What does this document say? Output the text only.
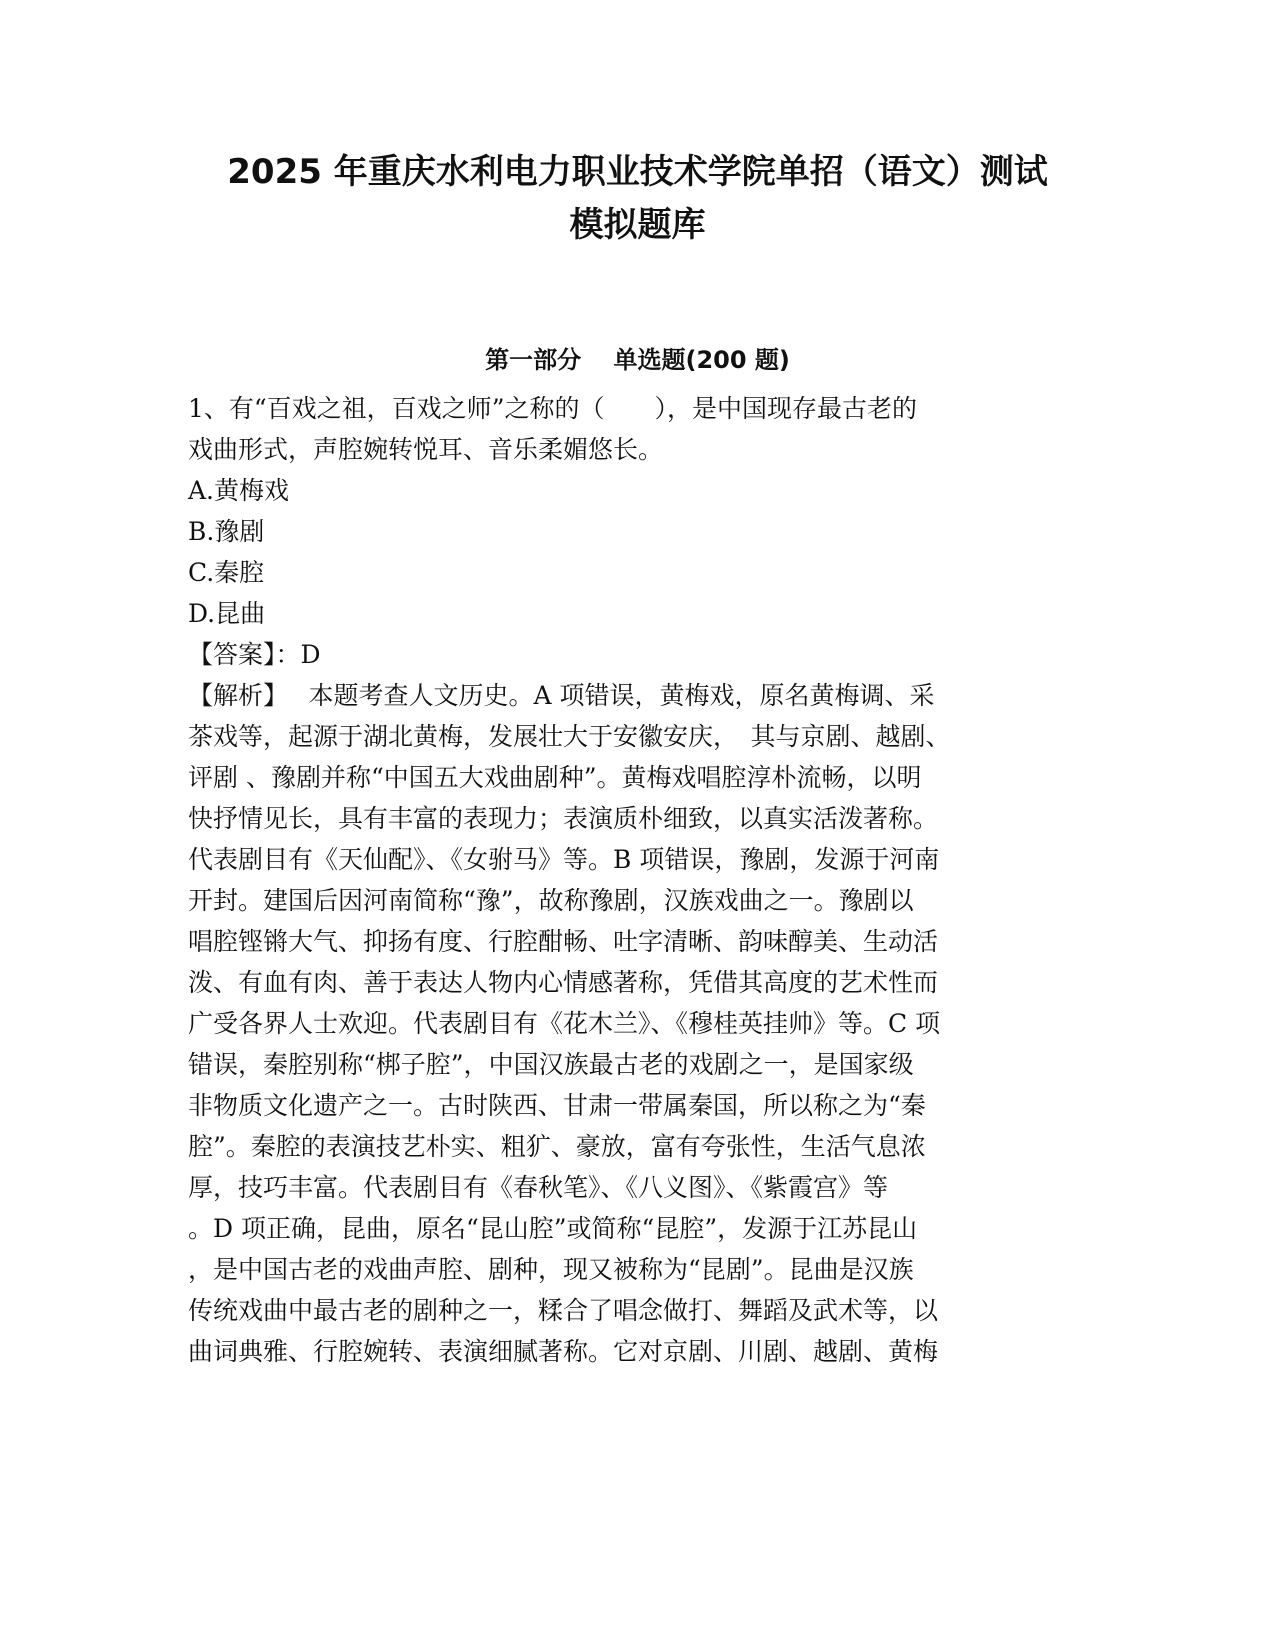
2025 年重庆水利电力职业技术学院单招（语文）测试
模拟题库
第一部分　 单选题(200 题)

1、有“百戏之祖，百戏之师”之称的（　　），是中国现存最古老的

戏曲形式，声腔婉转悦耳、音乐柔媚悠长。

A.黄梅戏

B.豫剧

C.秦腔

D.昆曲

【答案】：D

【解析】　 本题考查人文历史。A 项错误，黄梅戏，原名黄梅调、采

茶戏等，起源于湖北黄梅，发展壮大于安徽安庆，　其与京剧、越剧、

评剧 、豫剧并称“中国五大戏曲剧种”。黄梅戏唱腔淳朴流畅，以明

快抒情见长，具有丰富的表现力；表演质朴细致，以真实活泼著称。

代表剧目有《天仙配》、《女驸马》等。B 项错误，豫剧，发源于河南

开封。建国后因河南简称“豫”，故称豫剧，汉族戏曲之一。豫剧以

唱腔铿锵大气、抑扬有度、行腔酣畅、吐字清晰、韵味醇美、生动活

泼、有血有肉、善于表达人物内心情感著称，凭借其高度的艺术性而

广受各界人士欢迎。代表剧目有《花木兰》、《穆桂英挂帅》等。C 项

错误，秦腔别称“梆子腔”，中国汉族最古老的戏剧之一，是国家级

非物质文化遗产之一。古时陕西、甘肃一带属秦国，所以称之为“秦

腔”。秦腔的表演技艺朴实、粗犷、豪放，富有夸张性，生活气息浓

厚，技巧丰富。代表剧目有《春秋笔》、《八义图》、《紫霞宫》等

。D 项正确，昆曲，原名“昆山腔”或简称“昆腔”，发源于江苏昆山

，是中国古老的戏曲声腔、剧种，现又被称为“昆剧”。昆曲是汉族

传统戏曲中最古老的剧种之一，糅合了唱念做打、舞蹈及武术等，以

曲词典雅、行腔婉转、表演细腻著称。它对京剧、川剧、越剧、黄梅
